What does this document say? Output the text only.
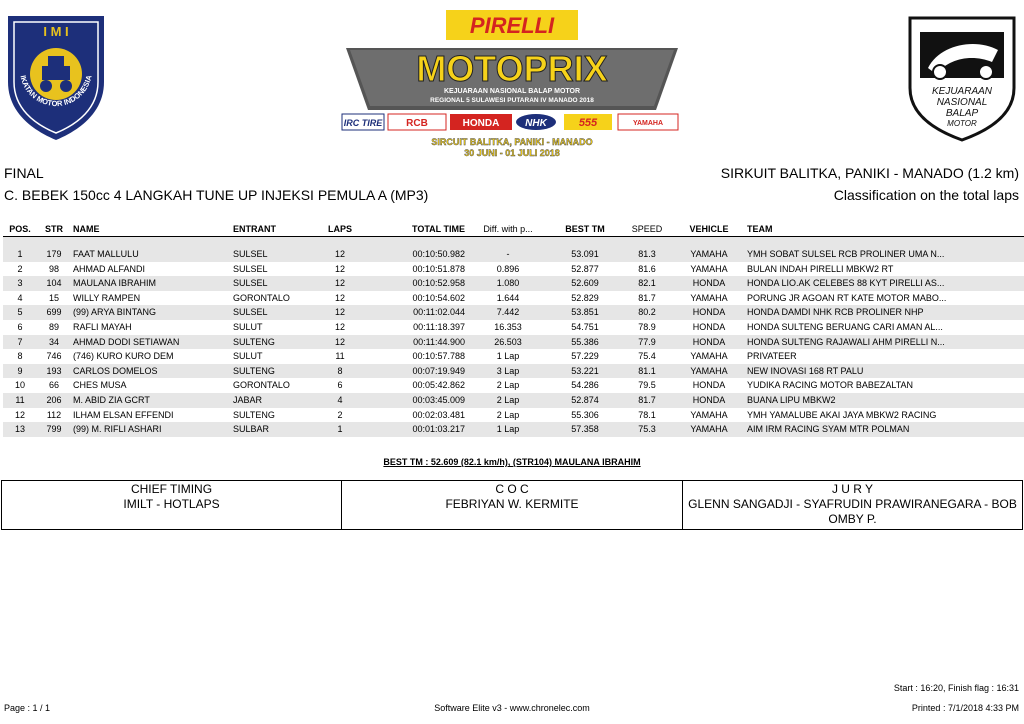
I M I
IKATAN MOTOR INDONESIA
PIRELLI
MOTOPRIX
KEJUARAAN NASIONAL BALAP MOTOR
REGIONAL 5 SULAWESI PUTARAN IV MANADO 2018
IRC TIRE RCB	HONDA	NHK	555	YAMAHA
SIRCUIT BALITKA, PANIKI - MANADO
30 JUNI - 01 JULI 2018
KEJUARAAN
NASIONAL
BALAP
MOTOR
FINAL
C. BEBEK 150cc 4 LANGKAH TUNE UP INJEKSI PEMULA A (MP3)
SIRKUIT BALITKA, PANIKI - MANADO (1.2 km)
Classification on the total laps
POS.	STR	NAME	ENTRANT	LAPS	TOTAL TIME	Diff. with p...	BEST TM	SPEED	VEHICLE	TEAM

1	179	FAAT MALLULU	SULSEL	12	00:10:50.982	-	53.091	81.3	YAMAHA	YMH SOBAT SULSEL RCB PROLINER UMA N...
2	98	AHMAD ALFANDI	SULSEL	12	00:10:51.878	0.896	52.877	81.6	YAMAHA	BULAN INDAH PIRELLI MBKW2 RT
3	104	MAULANA IBRAHIM	SULSEL	12	00:10:52.958	1.080	52.609	82.1	HONDA	HONDA LIO.AK CELEBES 88 KYT PIRELLI AS...
4	15	WILLY RAMPEN	GORONTALO	12	00:10:54.602	1.644	52.829	81.7	YAMAHA	PORUNG JR AGOAN RT KATE MOTOR MABO...
5	699	(99) ARYA BINTANG	SULSEL	12	00:11:02.044	7.442	53.851	80.2	HONDA	HONDA DAMDI NHK RCB PROLINER NHP
6	89	RAFLI MAYAH	SULUT	12	00:11:18.397	16.353	54.751	78.9	HONDA	HONDA SULTENG BERUANG CARI AMAN AL...
7	34	AHMAD DODI SETIAWAN	SULTENG	12	00:11:44.900	26.503	55.386	77.9	HONDA	HONDA SULTENG RAJAWALI AHM PIRELLI N...
8	746	(746) KURO KURO DEM	SULUT	11	00:10:57.788	1 Lap	57.229	75.4	YAMAHA	PRIVATEER
9	193	CARLOS DOMELOS	SULTENG	8	00:07:19.949	3 Lap	53.221	81.1	YAMAHA	NEW INOVASI 168 RT PALU
10	66	CHES MUSA	GORONTALO	6	00:05:42.862	2 Lap	54.286	79.5	HONDA	YUDIKA RACING MOTOR BABEZALTAN
11	206	M. ABID ZIA GCRT	JABAR	4	00:03:45.009	2 Lap	52.874	81.7	HONDA	BUANA LIPU MBKW2
12	112	ILHAM ELSAN EFFENDI	SULTENG	2	00:02:03.481	2 Lap	55.306	78.1	YAMAHA	YMH YAMALUBE AKAI JAYA MBKW2 RACING
13	799	(99) M. RIFLI ASHARI	SULBAR	1	00:01:03.217	1 Lap	57.358	75.3	YAMAHA	AIM IRM RACING SYAM MTR POLMAN
BEST TM : 52.609 (82.1 km/h), (STR104) MAULANA IBRAHIM
CHIEF TIMING
IMILT - HOTLAPS

C O C
FEBRIYAN W. KERMITE

J U R Y
GLENN SANGADJI - SYAFRUDIN PRAWIRANEGARA - BOBOMBY P.
Start : 16:20, Finish flag : 16:31
Page : 1 / 1	Software Elite v3 - www.chronelec.com	Printed : 7/1/2018 4:33 PM
